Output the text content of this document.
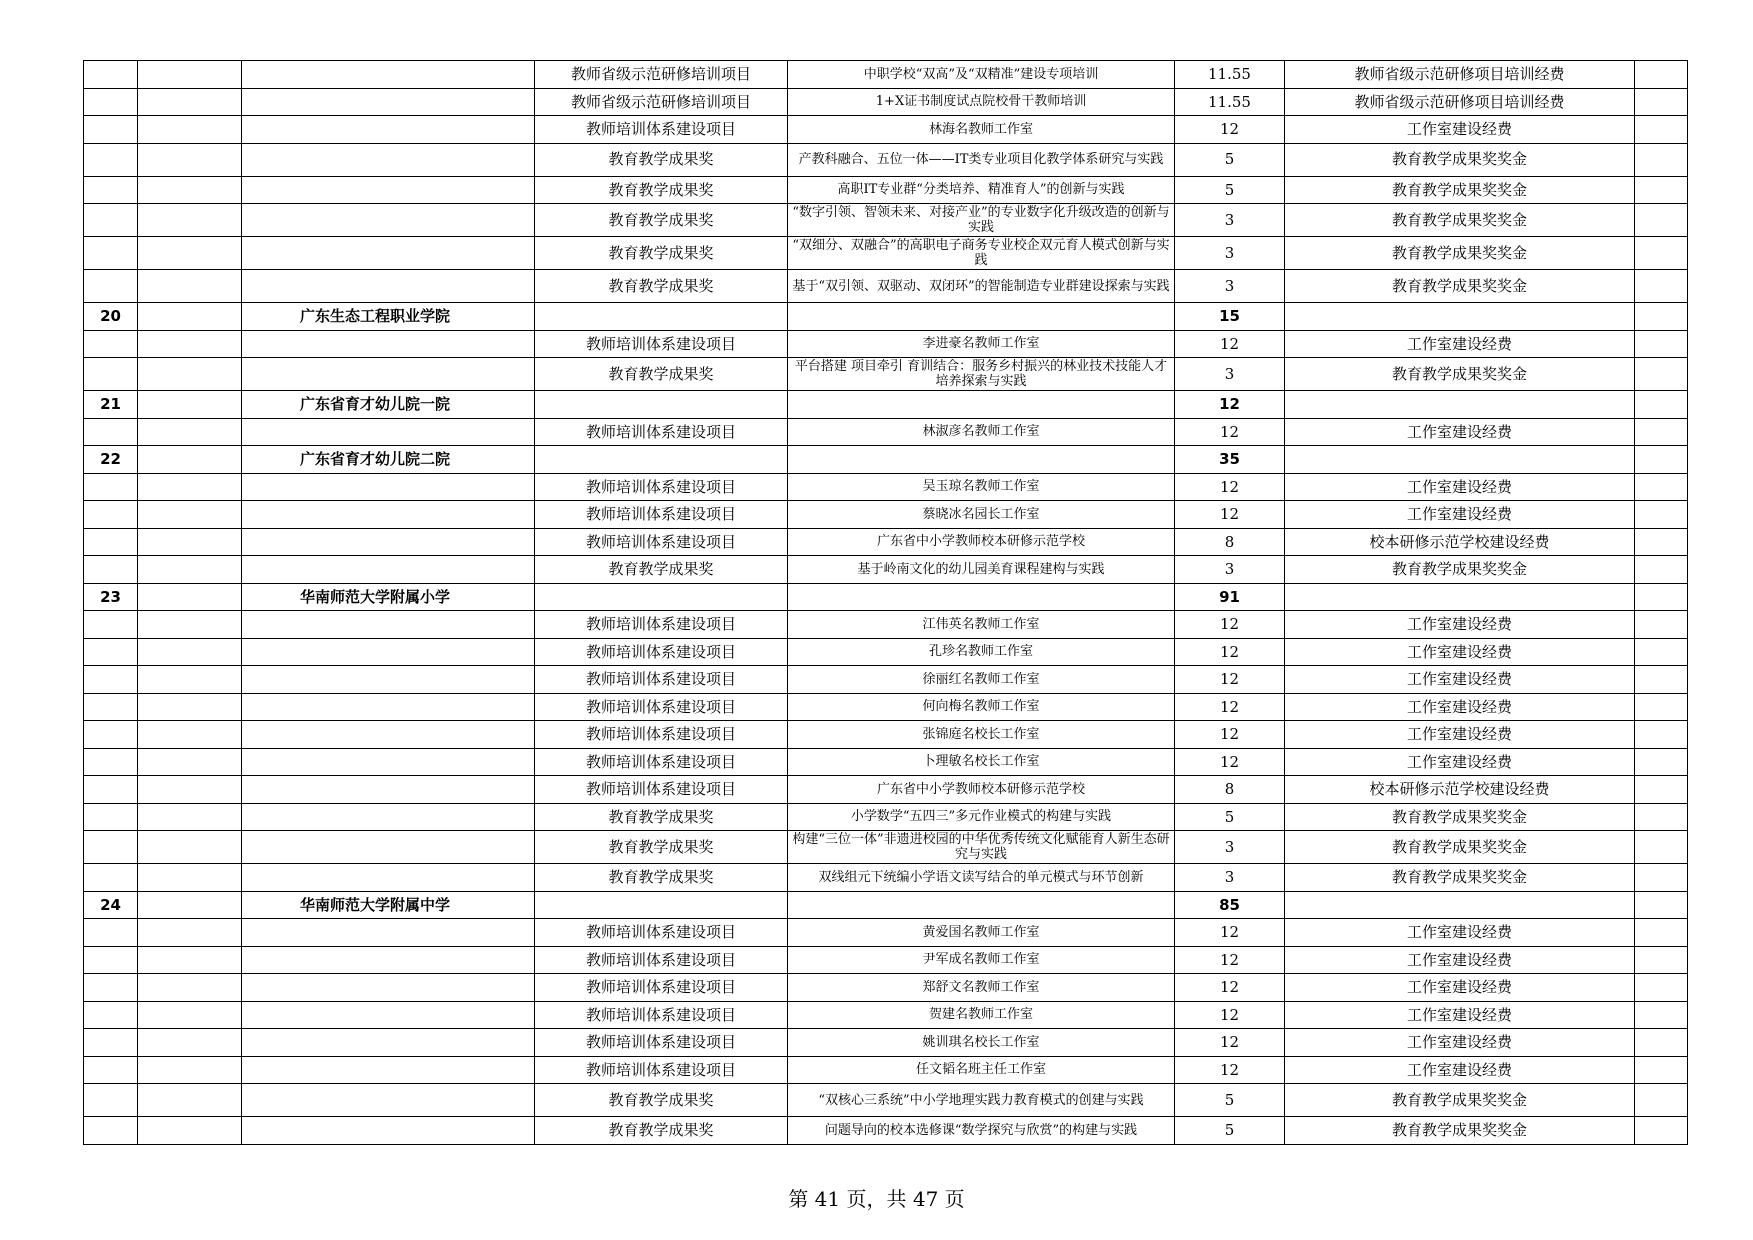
			教师省级示范研修培训项目	中职学校“双高”及“双精准”建设专项培训	11.55	教师省级示范研修项目培训经费	
			教师省级示范研修培训项目	1+X证书制度试点院校骨干教师培训	11.55	教师省级示范研修项目培训经费	
			教师培训体系建设项目	林海名教师工作室	12	工作室建设经费	
			教育教学成果奖	产教科融合、五位一体——IT类专业项目化教学体系研究与实践	5	教育教学成果奖奖金	
			教育教学成果奖	高职IT专业群“分类培养、精准育人”的创新与实践	5	教育教学成果奖奖金	
			教育教学成果奖	“数字引领、智领未来、对接产业”的专业数字化升级改造的创新与实践	3	教育教学成果奖奖金	
			教育教学成果奖	“双细分、双融合”的高职电子商务专业校企双元育人模式创新与实践	3	教育教学成果奖奖金	
			教育教学成果奖	基于“双引领、双驱动、双闭环”的智能制造专业群建设探索与实践	3	教育教学成果奖奖金	
20		广东生态工程职业学院			15		
			教师培训体系建设项目	李进豪名教师工作室	12	工作室建设经费	
			教育教学成果奖	平台搭建 项目牵引 育训结合：服务乡村振兴的林业技术技能人才培养探索与实践	3	教育教学成果奖奖金	
21		广东省育才幼儿院一院			12		
			教师培训体系建设项目	林淑彦名教师工作室	12	工作室建设经费	
22		广东省育才幼儿院二院			35		
			教师培训体系建设项目	吴玉琼名教师工作室	12	工作室建设经费	
			教师培训体系建设项目	蔡晓冰名园长工作室	12	工作室建设经费	
			教师培训体系建设项目	广东省中小学教师校本研修示范学校	8	校本研修示范学校建设经费	
			教育教学成果奖	基于岭南文化的幼儿园美育课程建构与实践	3	教育教学成果奖奖金	
23		华南师范大学附属小学			91		
			教师培训体系建设项目	江伟英名教师工作室	12	工作室建设经费	
			教师培训体系建设项目	孔珍名教师工作室	12	工作室建设经费	
			教师培训体系建设项目	徐丽红名教师工作室	12	工作室建设经费	
			教师培训体系建设项目	何向梅名教师工作室	12	工作室建设经费	
			教师培训体系建设项目	张锦庭名校长工作室	12	工作室建设经费	
			教师培训体系建设项目	卜理敏名校长工作室	12	工作室建设经费	
			教师培训体系建设项目	广东省中小学教师校本研修示范学校	8	校本研修示范学校建设经费	
			教育教学成果奖	小学数学“五四三”多元作业模式的构建与实践	5	教育教学成果奖奖金	
			教育教学成果奖	构建“三位一体”非遗进校园的中华优秀传统文化赋能育人新生态研究与实践	3	教育教学成果奖奖金	
			教育教学成果奖	双线组元下统编小学语文读写结合的单元模式与环节创新	3	教育教学成果奖奖金	
24		华南师范大学附属中学			85		
			教师培训体系建设项目	黄爱国名教师工作室	12	工作室建设经费	
			教师培训体系建设项目	尹军成名教师工作室	12	工作室建设经费	
			教师培训体系建设项目	郑舒文名教师工作室	12	工作室建设经费	
			教师培训体系建设项目	贺建名教师工作室	12	工作室建设经费	
			教师培训体系建设项目	姚训琪名校长工作室	12	工作室建设经费	
			教师培训体系建设项目	任文韬名班主任工作室	12	工作室建设经费	
			教育教学成果奖	“双核心三系统”中小学地理实践力教育模式的创建与实践	5	教育教学成果奖奖金	
			教育教学成果奖	问题导向的校本选修课“数学探究与欣赏”的构建与实践	5	教育教学成果奖奖金	
第 41 页，共 47 页
